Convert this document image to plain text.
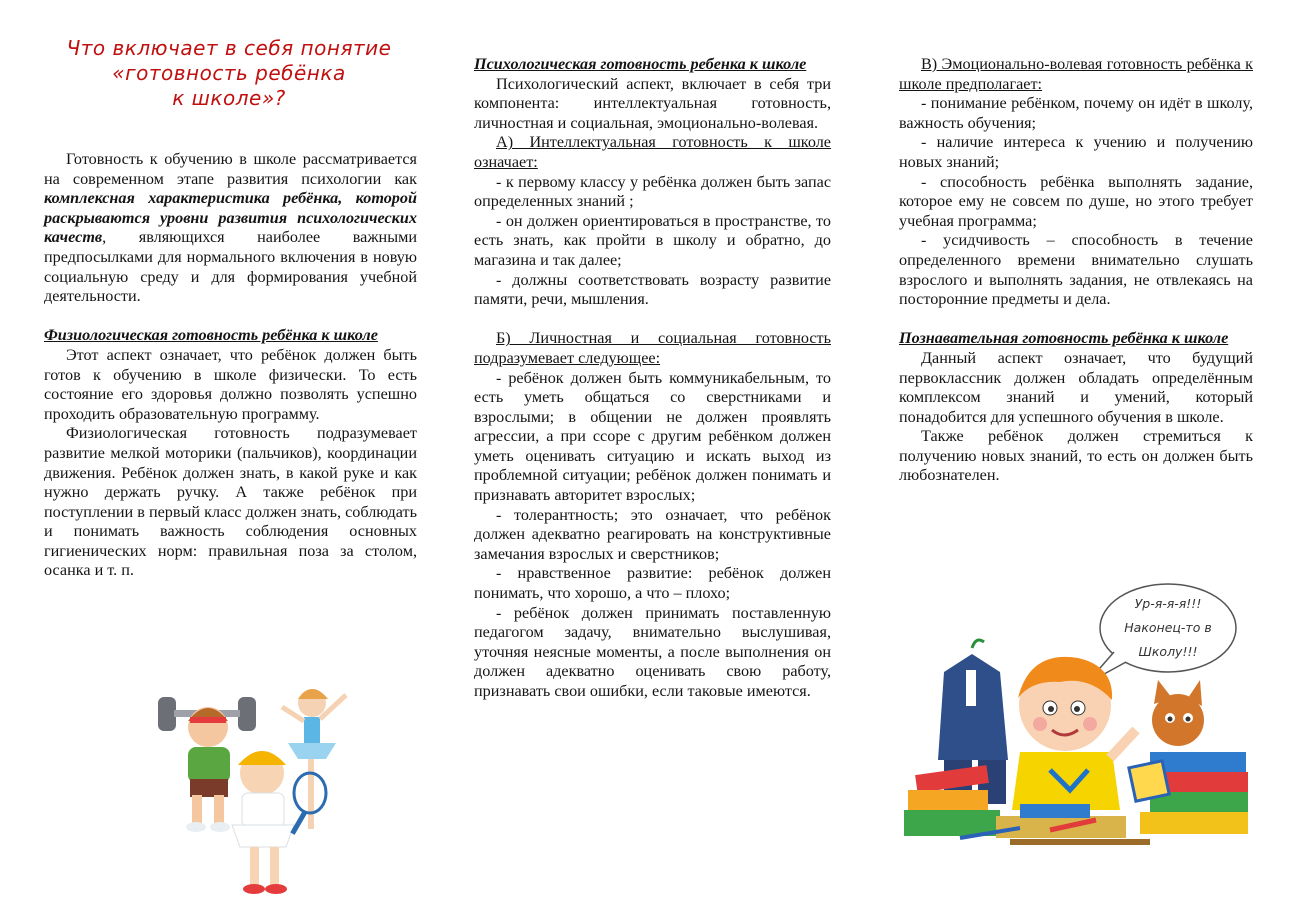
Что включает в себя понятие
«готовность ребёнка
к школе»?

Готовность к обучению в школе рассматривается на современном этапе развития психологии как комплексная характеристика ребёнка, которой раскрываются уровни развития психологических качеств, являющихся наиболее важными предпосылками для нормального включения в новую социальную среду и для формирования учебной деятельности.

Физиологическая готовность ребёнка к школе

Этот аспект означает, что ребёнок должен быть готов к обучению в школе физически. То есть состояние его здоровья должно позволять успешно проходить образовательную программу.

Физиологическая готовность подразумевает развитие мелкой моторики (пальчиков), координации движения. Ребёнок должен знать, в какой руке и как нужно держать ручку. А также ребёнок при поступлении в первый класс должен знать, соблюдать и понимать важность соблюдения основных гигиенических норм: правильная поза за столом, осанка и т. п.

Психологическая готовность ребенка к школе

Психологический аспект, включает в себя три компонента: интеллектуальная готовность, личностная и социальная, эмоционально-волевая.

А) Интеллектуальная готовность к школе означает:

- к первому классу у ребёнка должен быть запас определенных знаний ;

- он должен ориентироваться в пространстве, то есть знать, как пройти в школу и обратно, до магазина и так далее;

- должны соответствовать возрасту развитие памяти, речи, мышления.

Б) Личностная и социальная готовность подразумевает следующее:

- ребёнок должен быть коммуникабельным, то есть уметь общаться со сверстниками и взрослыми; в общении не должен проявлять агрессии, а при ссоре с другим ребёнком должен уметь оценивать ситуацию и искать выход из проблемной ситуации; ребёнок должен понимать и признавать авторитет взрослых;

- толерантность; это означает, что ребёнок должен адекватно реагировать на конструктивные замечания взрослых и сверстников;

- нравственное развитие: ребёнок должен понимать, что хорошо, а что – плохо;

- ребёнок должен принимать поставленную педагогом задачу, внимательно выслушивая, уточняя неясные моменты, а после выполнения он должен адекватно оценивать свою работу, признавать свои ошибки, если таковые имеются.

В) Эмоционально-волевая готовность ребёнка к школе предполагает:

- понимание ребёнком, почему он идёт в школу, важность обучения;

- наличие интереса к учению и получению новых знаний;

- способность ребёнка выполнять задание, которое ему не совсем по душе, но этого требует учебная программа;

- усидчивость – способность в течение определенного времени внимательно слушать взрослого и выполнять задания, не отвлекаясь на посторонние предметы и дела.

Познавательная готовность ребёнка к школе

Данный аспект означает, что будущий первоклассник должен обладать определённым комплексом знаний и умений, который понадобится для успешного обучения в школе.

Также ребёнок должен стремиться к получению новых знаний, то есть он должен быть любознателен.

Ур-я-я-я!!!
Наконец-то в
Школу!!!
